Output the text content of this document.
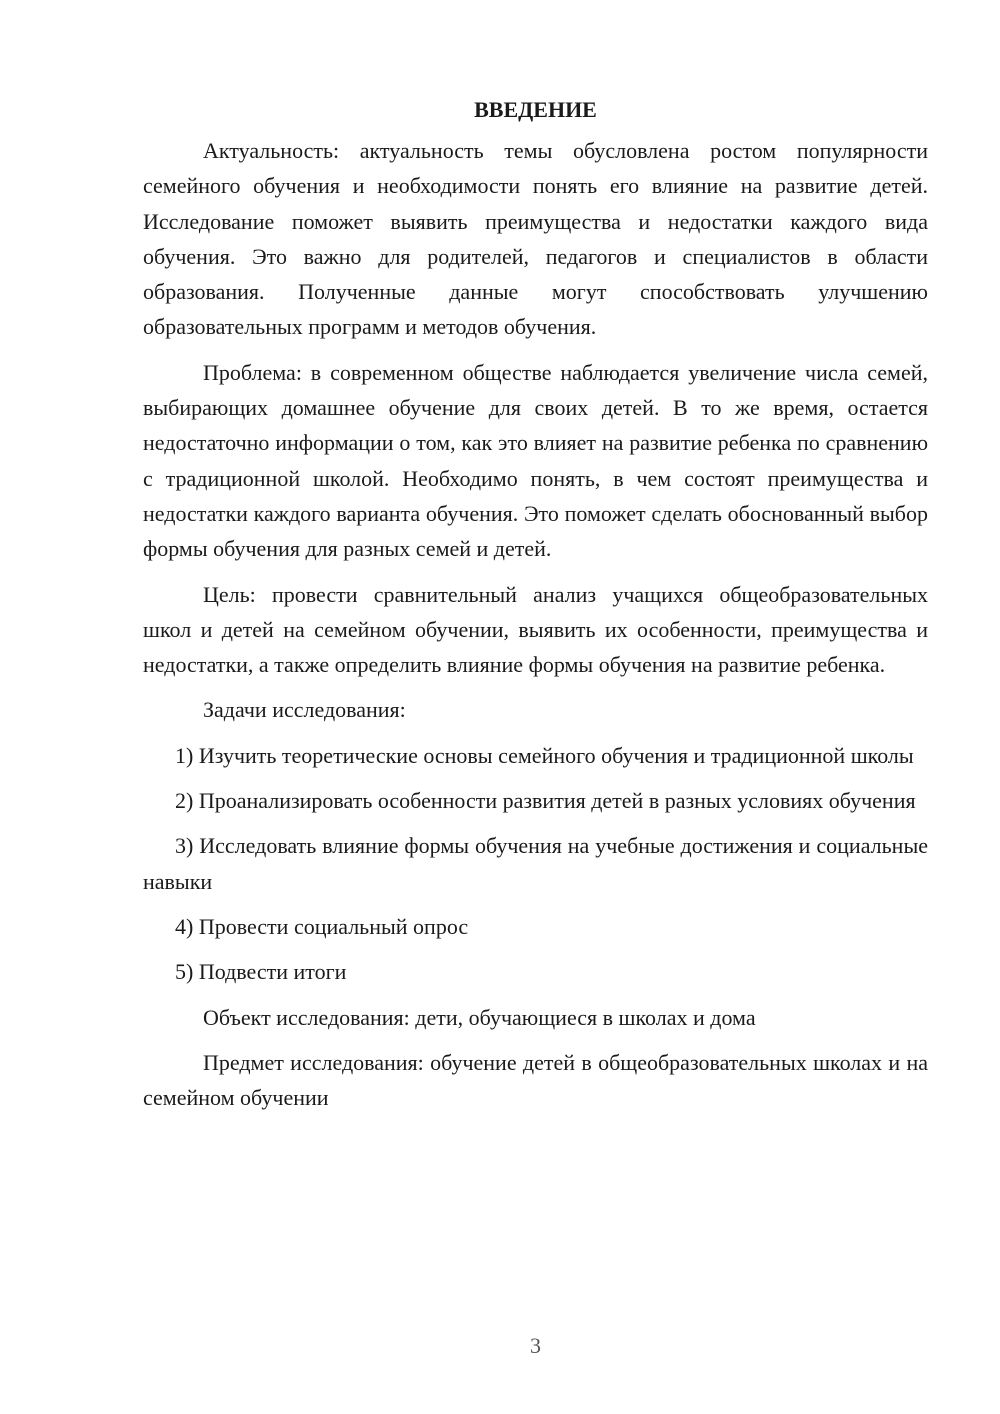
ВВЕДЕНИЕ

Актуальность: актуальность темы обусловлена ростом популярности семейного обучения и необходимости понять его влияние на развитие детей. Исследование поможет выявить преимущества и недостатки каждого вида обучения. Это важно для родителей, педагогов и специалистов в области образования. Полученные данные могут способствовать улучшению образовательных программ и методов обучения.

Проблема: в современном обществе наблюдается увеличение числа семей, выбирающих домашнее обучение для своих детей. В то же время, остается недостаточно информации о том, как это влияет на развитие ребенка по сравнению с традиционной школой. Необходимо понять, в чем состоят преимущества и недостатки каждого варианта обучения. Это поможет сделать обоснованный выбор формы обучения для разных семей и детей.

Цель: провести сравнительный анализ учащихся общеобразовательных школ и детей на семейном обучении, выявить их особенности, преимущества и недостатки, а также определить влияние формы обучения на развитие ребенка.

Задачи исследования:

1) Изучить теоретические основы семейного обучения и традиционной школы

2) Проанализировать особенности развития детей в разных условиях обучения

3) Исследовать влияние формы обучения на учебные достижения и социальные навыки

4) Провести социальный опрос

5) Подвести итоги

Объект исследования: дети, обучающиеся в школах и дома

Предмет исследования: обучение детей в общеобразовательных школах и на семейном обучении

3
